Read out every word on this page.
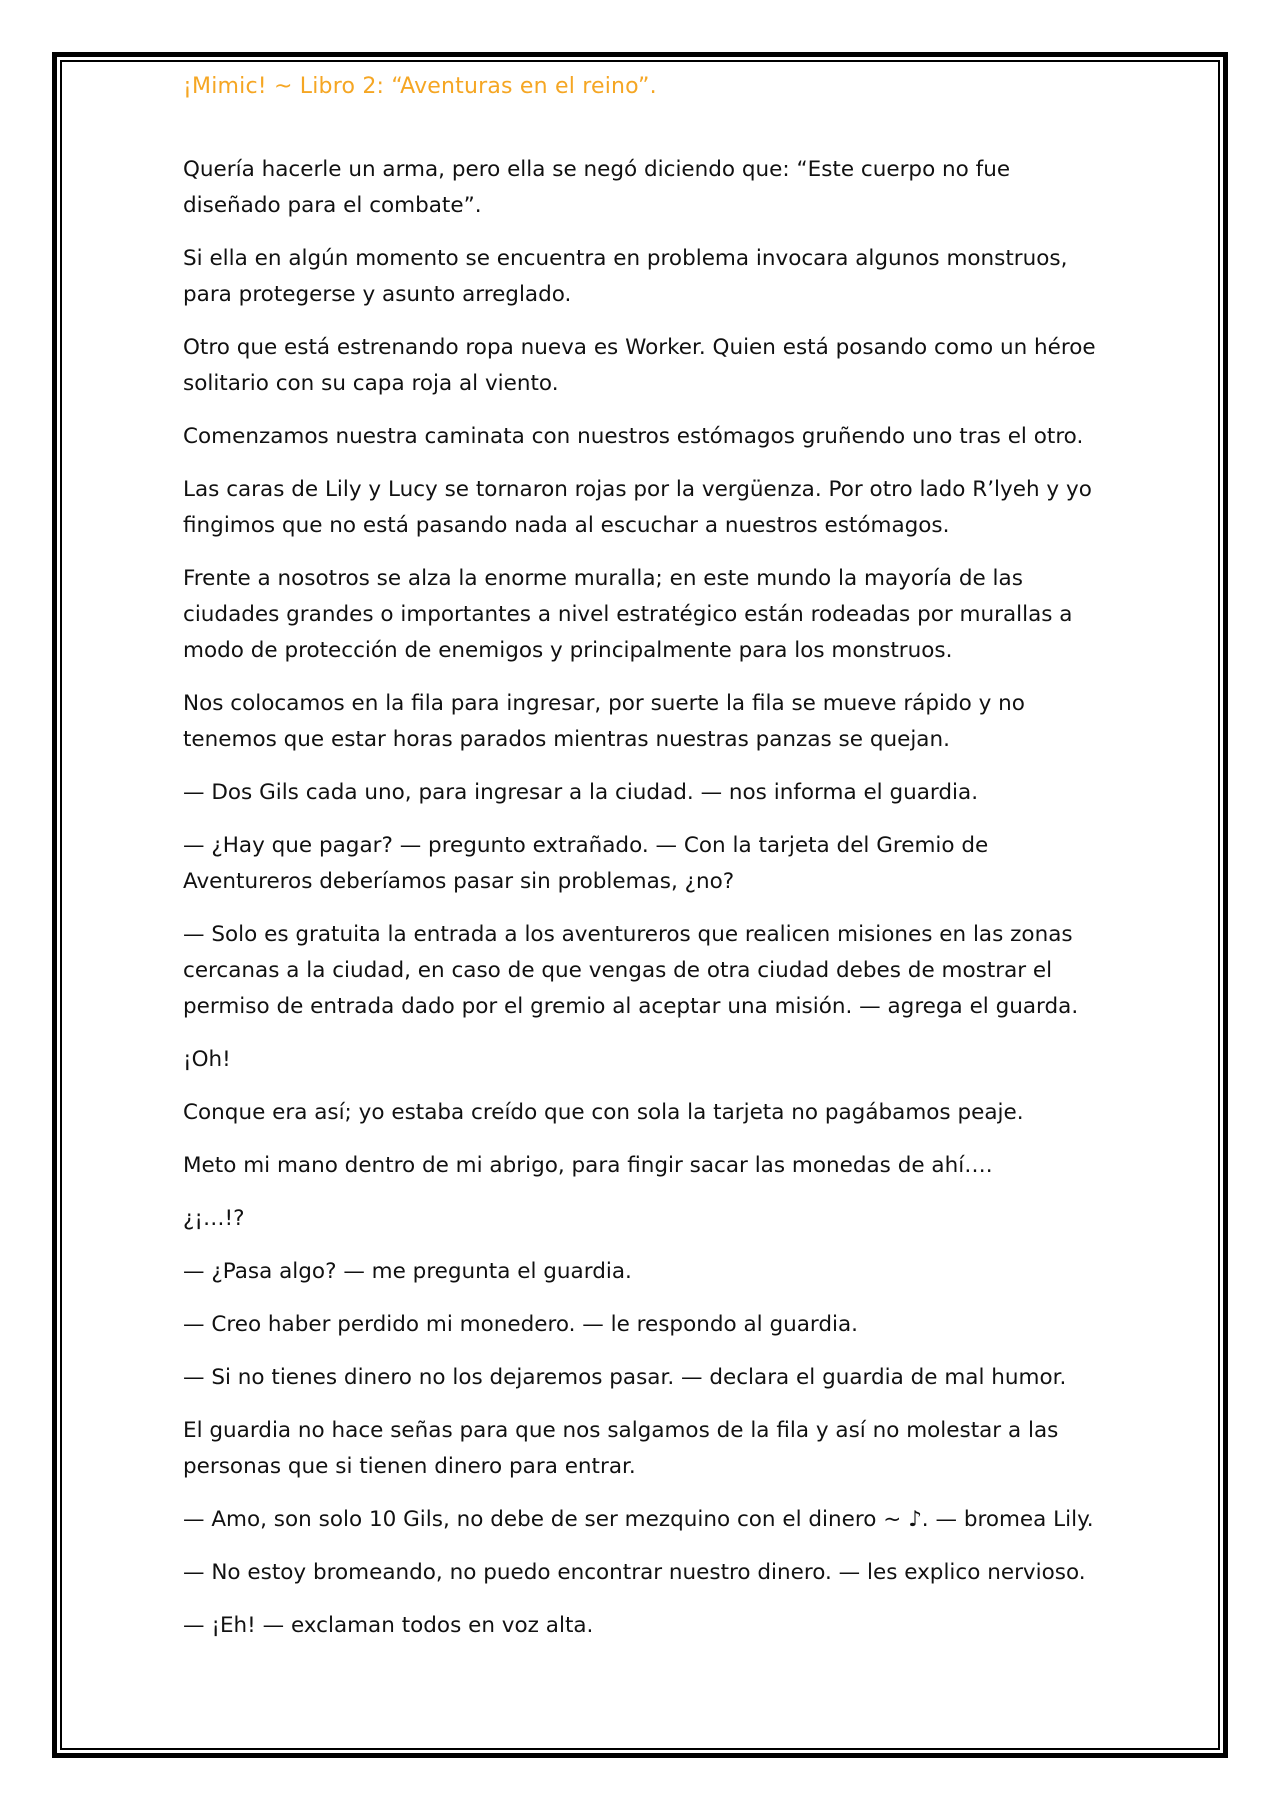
¡Mimic! ~ Libro 2: “Aventuras en el reino”.

Quería hacerle un arma, pero ella se negó diciendo que: “Este cuerpo no fue diseñado para el combate”.

Si ella en algún momento se encuentra en problema invocara algunos monstruos, para protegerse y asunto arreglado.

Otro que está estrenando ropa nueva es Worker. Quien está posando como un héroe solitario con su capa roja al viento.

Comenzamos nuestra caminata con nuestros estómagos gruñendo uno tras el otro.

Las caras de Lily y Lucy se tornaron rojas por la vergüenza. Por otro lado R’lyeh y yo fingimos que no está pasando nada al escuchar a nuestros estómagos.

Frente a nosotros se alza la enorme muralla; en este mundo la mayoría de las ciudades grandes o importantes a nivel estratégico están rodeadas por murallas a modo de protección de enemigos y principalmente para los monstruos.

Nos colocamos en la fila para ingresar, por suerte la fila se mueve rápido y no tenemos que estar horas parados mientras nuestras panzas se quejan.

— Dos Gils cada uno, para ingresar a la ciudad. — nos informa el guardia.

— ¿Hay que pagar? — pregunto extrañado. — Con la tarjeta del Gremio de Aventureros deberíamos pasar sin problemas, ¿no?

— Solo es gratuita la entrada a los aventureros que realicen misiones en las zonas cercanas a la ciudad, en caso de que vengas de otra ciudad debes de mostrar el permiso de entrada dado por el gremio al aceptar una misión. — agrega el guarda.

¡Oh!

Conque era así; yo estaba creído que con sola la tarjeta no pagábamos peaje.

Meto mi mano dentro de mi abrigo, para fingir sacar las monedas de ahí….

¿¡…!?

— ¿Pasa algo? — me pregunta el guardia.

— Creo haber perdido mi monedero. — le respondo al guardia.

— Si no tienes dinero no los dejaremos pasar. — declara el guardia de mal humor.

El guardia no hace señas para que nos salgamos de la fila y así no molestar a las personas que si tienen dinero para entrar.

— Amo, son solo 10 Gils, no debe de ser mezquino con el dinero ~ ♪. — bromea Lily.

— No estoy bromeando, no puedo encontrar nuestro dinero. — les explico nervioso.

— ¡Eh! — exclaman todos en voz alta.
